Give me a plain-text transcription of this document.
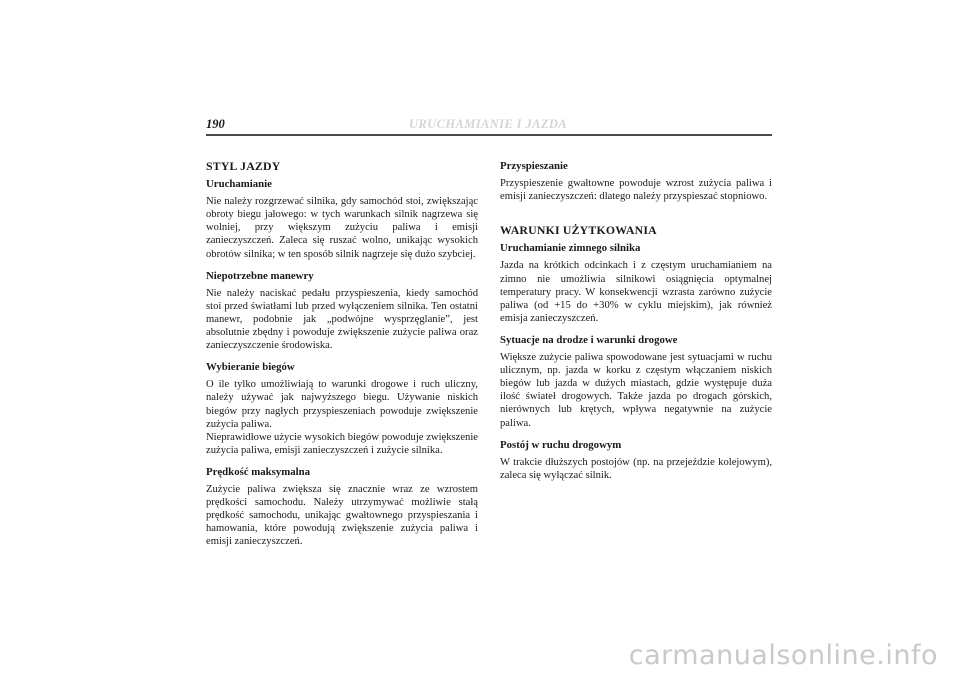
190	URUCHAMIANIE I JAZDA
STYL JAZDY
Uruchamianie

Nie należy rozgrzewać silnika, gdy samochód stoi, zwiększając obroty biegu jałowego: w tych warunkach silnik nagrzewa się wolniej, przy większym zużyciu paliwa i emisji zanieczyszczeń. Zaleca się ruszać wolno, unikając wysokich obrotów silnika; w ten sposób silnik nagrzeje się dużo szybciej.

Niepotrzebne manewry

Nie należy naciskać pedału przyspieszenia, kiedy samochód stoi przed światłami lub przed wyłączeniem silnika. Ten ostatni manewr, podobnie jak „podwójne wysprzęglanie”, jest absolutnie zbędny i powoduje zwiększenie zużycie paliwa oraz zanieczyszczenie środowiska.

Wybieranie biegów

O ile tylko umożliwiają to warunki drogowe i ruch uliczny, należy używać jak najwyższego biegu. Używanie niskich biegów przy nagłych przyspieszeniach powoduje zwiększenie zużycia paliwa.

Nieprawidłowe użycie wysokich biegów powoduje zwiększenie zużycia paliwa, emisji zanieczyszczeń i zużycie silnika.

Prędkość maksymalna

Zużycie paliwa zwiększa się znacznie wraz ze wzrostem prędkości samochodu. Należy utrzymywać możliwie stałą prędkość samochodu, unikając gwałtownego przyspieszania i hamowania, które powodują zwiększenie zużycia paliwa i emisji zanieczyszczeń.

Przyspieszanie

Przyspieszenie gwałtowne powoduje wzrost zużycia paliwa i emisji zanieczyszczeń: dlatego należy przyspieszać stopniowo.

WARUNKI UŻYTKOWANIA
Uruchamianie zimnego silnika

Jazda na krótkich odcinkach i z częstym uruchamianiem na zimno nie umożliwia silnikowi osiągnięcia optymalnej temperatury pracy. W konsekwencji wzrasta zarówno zużycie paliwa (od +15 do +30% w cyklu miejskim), jak również emisja zanieczyszczeń.

Sytuacje na drodze i warunki drogowe

Większe zużycie paliwa spowodowane jest sytuacjami w ruchu ulicznym, np. jazda w korku z częstym włączaniem niskich biegów lub jazda w dużych miastach, gdzie występuje duża ilość świateł drogowych. Także jazda po drogach górskich, nierównych lub krętych, wpływa negatywnie na zużycie paliwa.

Postój w ruchu drogowym

W trakcie dłuższych postojów (np. na przejeździe kolejowym), zaleca się wyłączać silnik.

carmanualsonline.info
